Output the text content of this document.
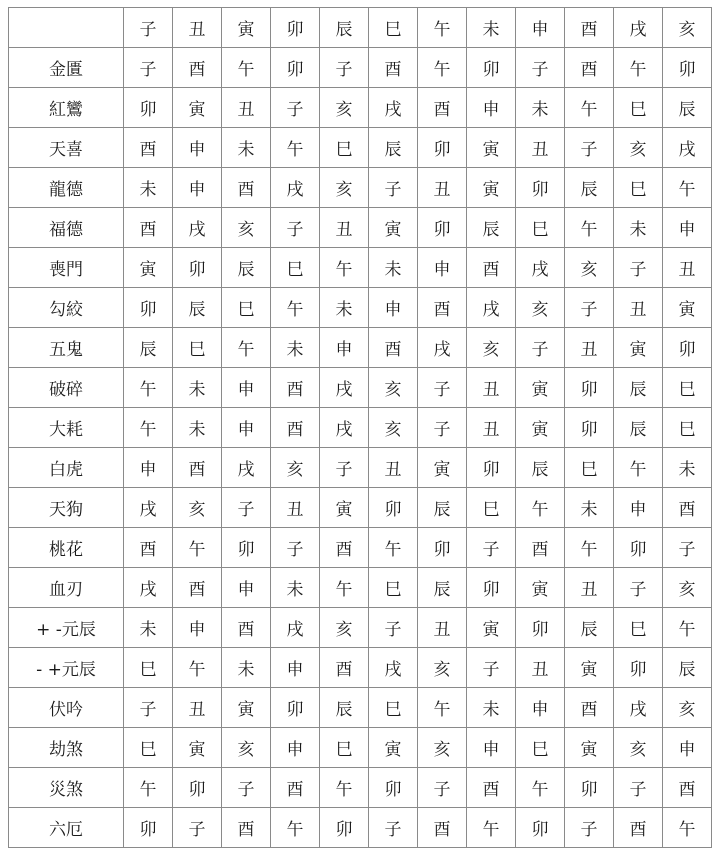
	子	丑	寅	卯	辰	巳	午	未	申	酉	戌	亥
金匱	子	酉	午	卯	子	酉	午	卯	子	酉	午	卯
紅鸞	卯	寅	丑	子	亥	戌	酉	申	未	午	巳	辰
天喜	酉	申	未	午	巳	辰	卯	寅	丑	子	亥	戌
龍德	未	申	酉	戌	亥	子	丑	寅	卯	辰	巳	午
福德	酉	戌	亥	子	丑	寅	卯	辰	巳	午	未	申
喪門	寅	卯	辰	巳	午	未	申	酉	戌	亥	子	丑
勾絞	卯	辰	巳	午	未	申	酉	戌	亥	子	丑	寅
五鬼	辰	巳	午	未	申	酉	戌	亥	子	丑	寅	卯
破碎	午	未	申	酉	戌	亥	子	丑	寅	卯	辰	巳
大耗	午	未	申	酉	戌	亥	子	丑	寅	卯	辰	巳
白虎	申	酉	戌	亥	子	丑	寅	卯	辰	巳	午	未
天狗	戌	亥	子	丑	寅	卯	辰	巳	午	未	申	酉
桃花	酉	午	卯	子	酉	午	卯	子	酉	午	卯	子
血刃	戌	酉	申	未	午	巳	辰	卯	寅	丑	子	亥
+ -元辰	未	申	酉	戌	亥	子	丑	寅	卯	辰	巳	午
- +元辰	巳	午	未	申	酉	戌	亥	子	丑	寅	卯	辰
伏吟	子	丑	寅	卯	辰	巳	午	未	申	酉	戌	亥
劫煞	巳	寅	亥	申	巳	寅	亥	申	巳	寅	亥	申
災煞	午	卯	子	酉	午	卯	子	酉	午	卯	子	酉
六厄	卯	子	酉	午	卯	子	酉	午	卯	子	酉	午
